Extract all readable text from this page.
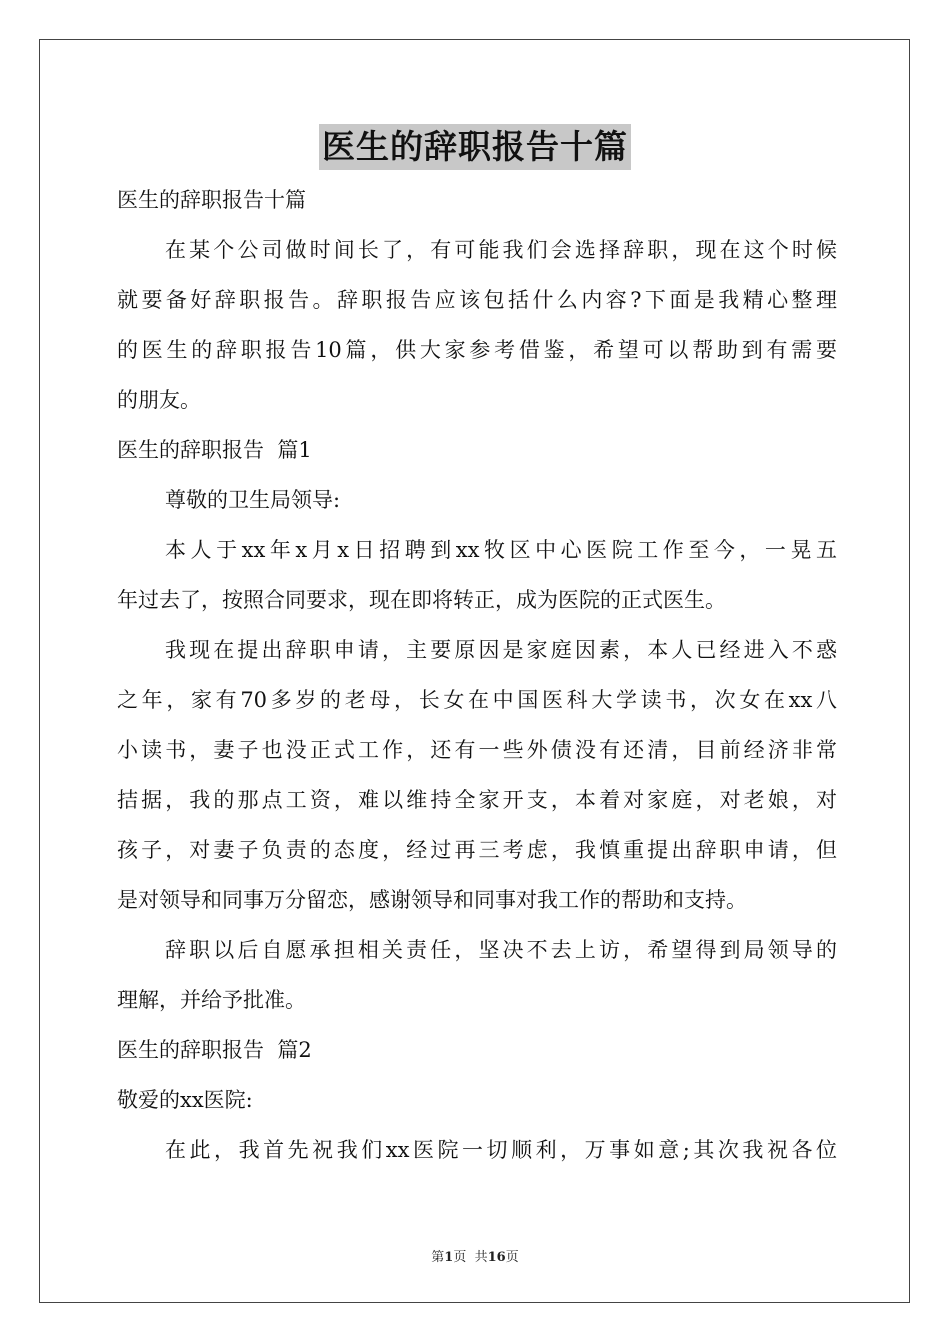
医生的辞职报告十篇

医生的辞职报告十篇

在某个公司做时间长了，有可能我们会选择辞职，现在这个时候

就要备好辞职报告。辞职报告应该包括什么内容?下面是我精心整理

的医生的辞职报告10篇，供大家参考借鉴，希望可以帮助到有需要

的朋友。

医生的辞职报告  篇1

尊敬的卫生局领导:

本人于xx年x月x日招聘到xx牧区中心医院工作至今，一晃五

年过去了，按照合同要求，现在即将转正，成为医院的正式医生。

我现在提出辞职申请，主要原因是家庭因素，本人已经进入不惑

之年，家有70多岁的老母，长女在中国医科大学读书，次女在xx八

小读书，妻子也没正式工作，还有一些外债没有还清，目前经济非常

拮据，我的那点工资，难以维持全家开支，本着对家庭，对老娘，对

孩子，对妻子负责的态度，经过再三考虑，我慎重提出辞职申请，但

是对领导和同事万分留恋，感谢领导和同事对我工作的帮助和支持。

辞职以后自愿承担相关责任，坚决不去上访，希望得到局领导的

理解，并给予批准。

医生的辞职报告  篇2

敬爱的xx医院:

在此，我首先祝我们xx医院一切顺利，万事如意;其次我祝各位

第1页  共16页
